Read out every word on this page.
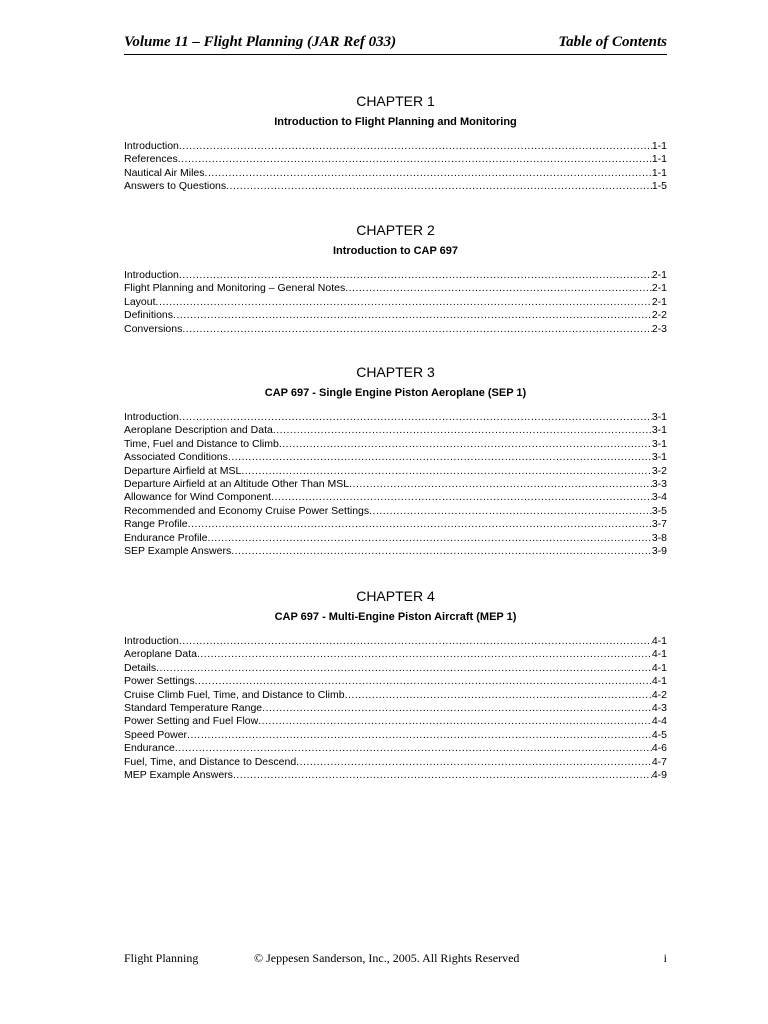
Volume 11 – Flight Planning (JAR Ref 033)	Table of Contents
CHAPTER 1
Introduction to Flight Planning and Monitoring
Introduction .....	1-1
References .....	1-1
Nautical Air Miles .....	1-1
Answers to Questions .....	1-5
CHAPTER 2
Introduction to CAP 697
Introduction .....	2-1
Flight Planning and Monitoring – General Notes .....	2-1
Layout .....	2-1
Definitions .....	2-2
Conversions .....	2-3
CHAPTER 3
CAP 697 - Single Engine Piston Aeroplane (SEP 1)
Introduction .....	3-1
Aeroplane Description and Data .....	3-1
Time, Fuel and Distance to Climb .....	3-1
Associated Conditions .....	3-1
Departure Airfield at MSL .....	3-2
Departure Airfield at an Altitude Other Than MSL .....	3-3
Allowance for Wind Component .....	3-4
Recommended and Economy Cruise Power Settings .....	3-5
Range Profile .....	3-7
Endurance Profile .....	3-8
SEP Example Answers .....	3-9
CHAPTER 4
CAP 697 - Multi-Engine Piston Aircraft (MEP 1)
Introduction .....	4-1
Aeroplane Data .....	4-1
Details .....	4-1
Power Settings .....	4-1
Cruise Climb Fuel, Time, and Distance to Climb .....	4-2
Standard Temperature Range .....	4-3
Power Setting and Fuel Flow .....	4-4
Speed Power .....	4-5
Endurance .....	4-6
Fuel, Time, and Distance to Descend .....	4-7
MEP Example Answers .....	4-9
Flight Planning	© Jeppesen Sanderson, Inc., 2005. All Rights Reserved	i
